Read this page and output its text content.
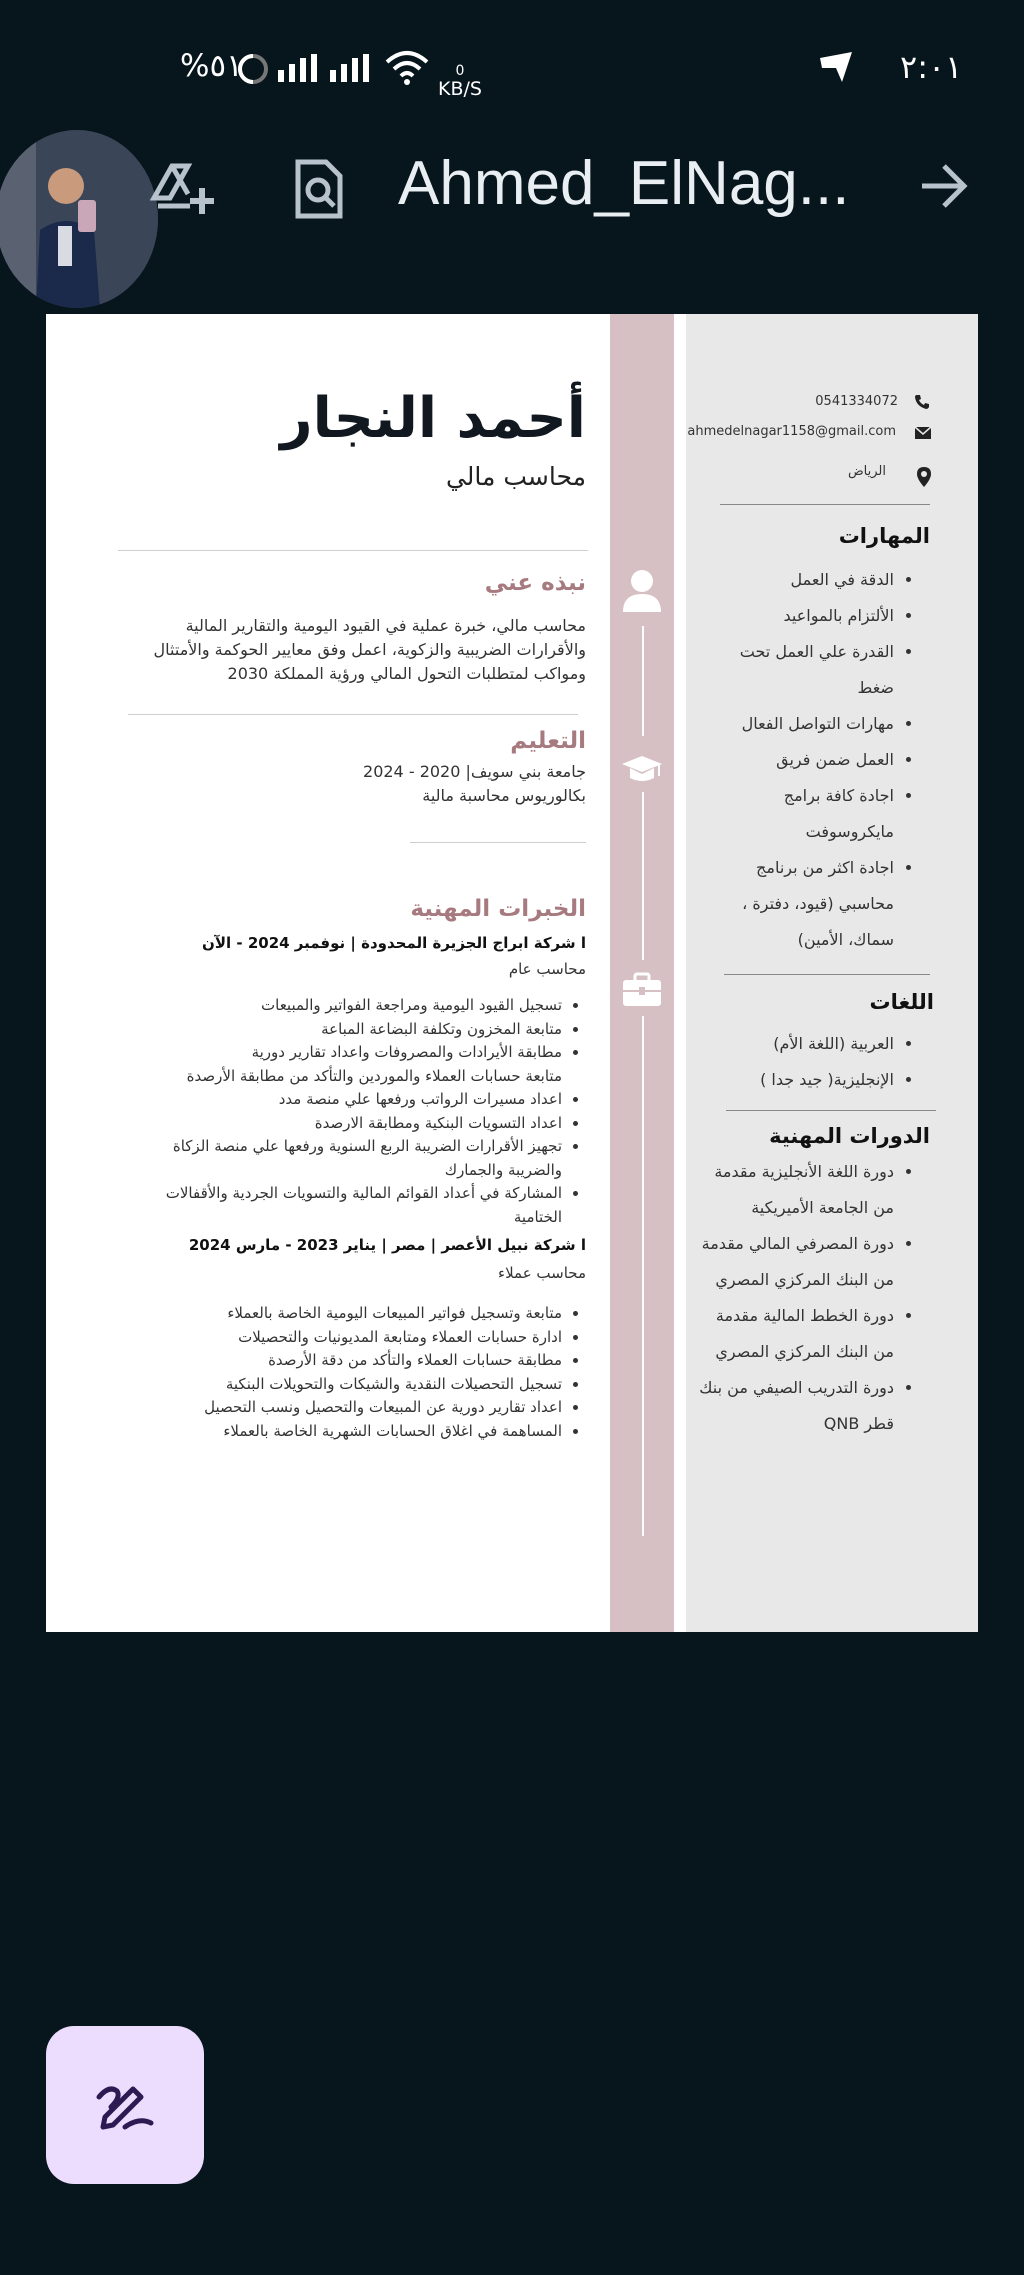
٢:٠١
%٥١	0
KB/S
Ahmed_ElNag...
أحمد النجار
محاسب مالي
نبذه عني
محاسب مالي، خبرة عملية في القيود اليومية والتقارير المالية والأقرارات الضريبية والزكوية، اعمل وفق معايير الحوكمة والأمتثال ومواكب لمتطلبات التحول المالي ورؤية المملكة 2030
التعليم
جامعة بني سويف| 2020 - 2024
بكالوريوس محاسبة مالية
الخبرات المهنية
ا شركة ابراج الجزيرة المحدودة | نوفمبر 2024 - الآن
محاسب عام
• تسجيل القيود اليومية ومراجعة الفواتير والمبيعات
• متابعة المخزون وتكلفة البضاعة المباعة
• مطابقة الأيرادات والمصروفات واعداد تقارير دورية
• متابعة حسابات العملاء والموردين والتأكد من مطابقة الأرصدة
• اعداد مسيرات الرواتب ورفعها علي منصة مدد
• اعداد التسويات البنكية ومطابقة الارصدة
• تجهيز الأقرارات الضريبة الربع السنوية ورفعها علي منصة الزكاة والضريبة والجمارك
• المشاركة في أعداد القوائم المالية والتسويات الجردية والأقفالات الختامية
ا شركة نبيل الأعصر | مصر | يناير 2023 - مارس 2024
محاسب عملاء
• متابعة وتسجيل فواتير المبيعات اليومية الخاصة بالعملاء
• ادارة حسابات العملاء ومتابعة المديونيات والتحصيلات
• مطابقة حسابات العملاء والتأكد من دقة الأرصدة
• تسجيل التحصيلات النقدية والشيكات والتحويلات البنكية
• اعداد تقارير دورية عن المبيعات والتحصيل ونسب التحصيل
• المساهمة في اغلاق الحسابات الشهرية الخاصة بالعملاء
0541334072
ahmedelnagar1158@gmail.com
الرياض
المهارات
• الدقة في العمل
• الألتزام بالمواعيد
• القدرة علي العمل تحت ضغط
• مهارات التواصل الفعال
• العمل ضمن فريق
• اجادة كافة برامج مايكروسوفت
• اجادة اكثر من برنامج محاسبي (قيود، دفترة ، سماك، الأمين)
اللغات
• العربية (اللغة الأم)
• الإنجليزية( جيد جدا )
الدورات المهنية
• دورة اللغة الأنجليزية مقدمة من الجامعة الأميريكية
• دورة المصرفي المالي مقدمة من البنك المركزي المصري
• دورة الخطط المالية مقدمة من البنك المركزي المصري
• دورة التدريب الصيفي من بنك قطر QNB
